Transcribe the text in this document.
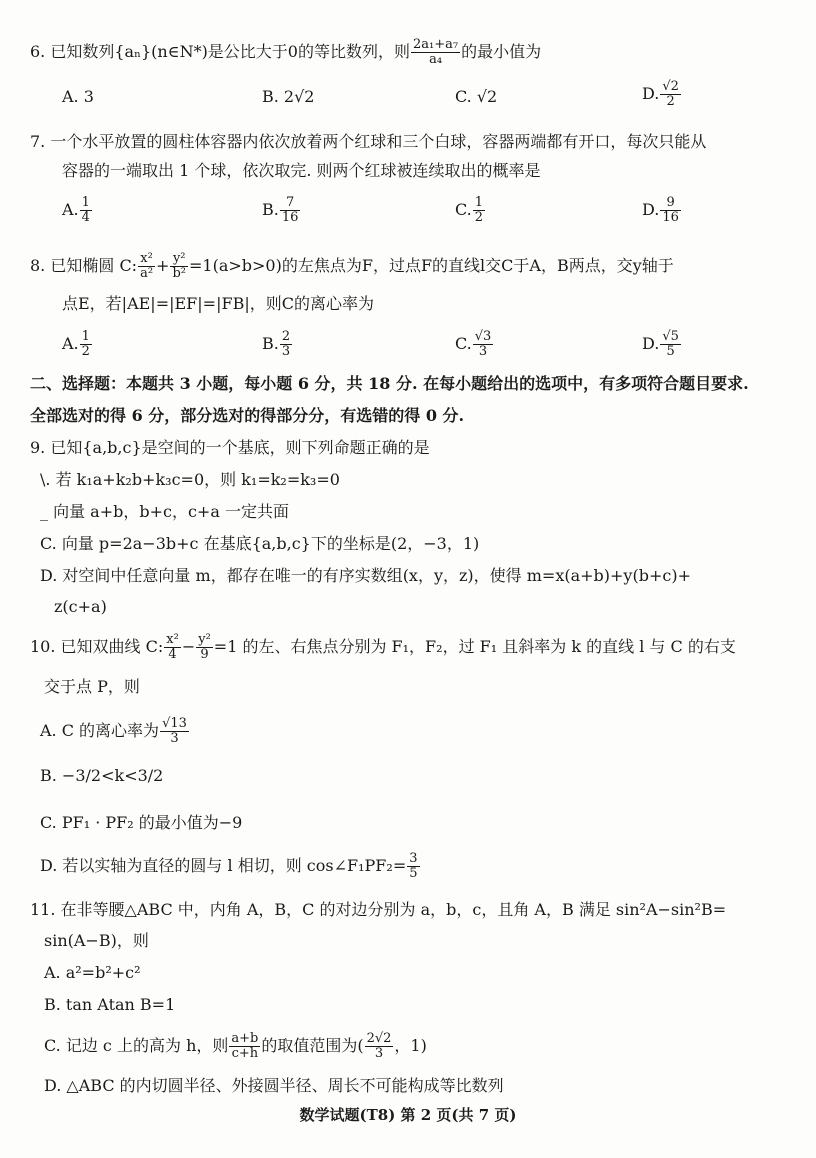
6. 已知数列{aₙ}(n∈N*)是公比大于0的等比数列，则 $\frac{\text{2a₁+a₇}}{\text{a₄}}$ 的最小值为
A. 3	B. 2√2	C. √2	D. $\frac{√2}{2}$
7. 一个水平放置的圆柱体容器内依次放着两个红球和三个白球，容器两端都有开口，每次只能从
容器的一端取出 1 个球，依次取完. 则两个红球被连续取出的概率是
A. $\frac{1}{4}$	B. $\frac{7}{16}$	C. $\frac{1}{2}$	D. $\frac{9}{16}$
8. 已知椭圆 C: $\frac{\text{x²}}{\text{a²}} + \frac{\text{y²}}{\text{b²}} =1(a>b>0)$的左焦点为F，过点F的直线l交C于A，B两点，交y轴于
点E，若|AE|=|EF|=|FB|，则C的离心率为
A. $\frac{1}{2}$	B. $\frac{2}{3}$	C. $\frac{√3}{3}$	D. $\frac{√5}{5}$
二、选择题：本题共 3 小题，每小题 6 分，共 18 分. 在每小题给出的选项中，有多项符合题目要求.
全部选对的得 6 分，部分选对的得部分分，有选错的得 0 分.
9. 已知{a,b,c}是空间的一个基底，则下列命题正确的是
\. 若 k₁a+k₂b+k₃c=0，则 k₁=k₂=k₃=0
_ 向量 a+b，b+c，c+a 一定共面
C. 向量 p=2a−3b+c 在基底{a,b,c}下的坐标是(2，−3，1)
D. 对空间中任意向量 m，都存在唯一的有序实数组(x，y，z)，使得 m=x(a+b)+y(b+c)+
z(c+a)
10. 已知双曲线 C: $\frac{\text{x²}}{4} - \frac{\text{y²}}{9} =1$ 的左、右焦点分别为 F₁，F₂，过 F₁ 且斜率为 k 的直线 l 与 C 的右支
交于点 P，则
A. C 的离心率为 $\frac{√13}{3}$
B. −3/2<k<3/2
C. PF₁ · PF₂ 的最小值为−9
D. 若以实轴为直径的圆与 l 相切，则 cos∠F₁PF₂= $\frac{3}{5}$
11. 在非等腰△ABC 中，内角 A，B，C 的对边分别为 a，b，c，且角 A，B 满足 sin²A−sin²B=
sin(A−B)，则
A. a²=b²+c²
B. tan Atan B=1
C. 记边 c 上的高为 h，则 $\frac{a+b}{c+h}$ 的取值范围为( $\frac{2√2}{3}$ ，1)
D. △ABC 的内切圆半径、外接圆半径、周长不可能构成等比数列
数学试题(T8) 第 2 页(共 7 页)
